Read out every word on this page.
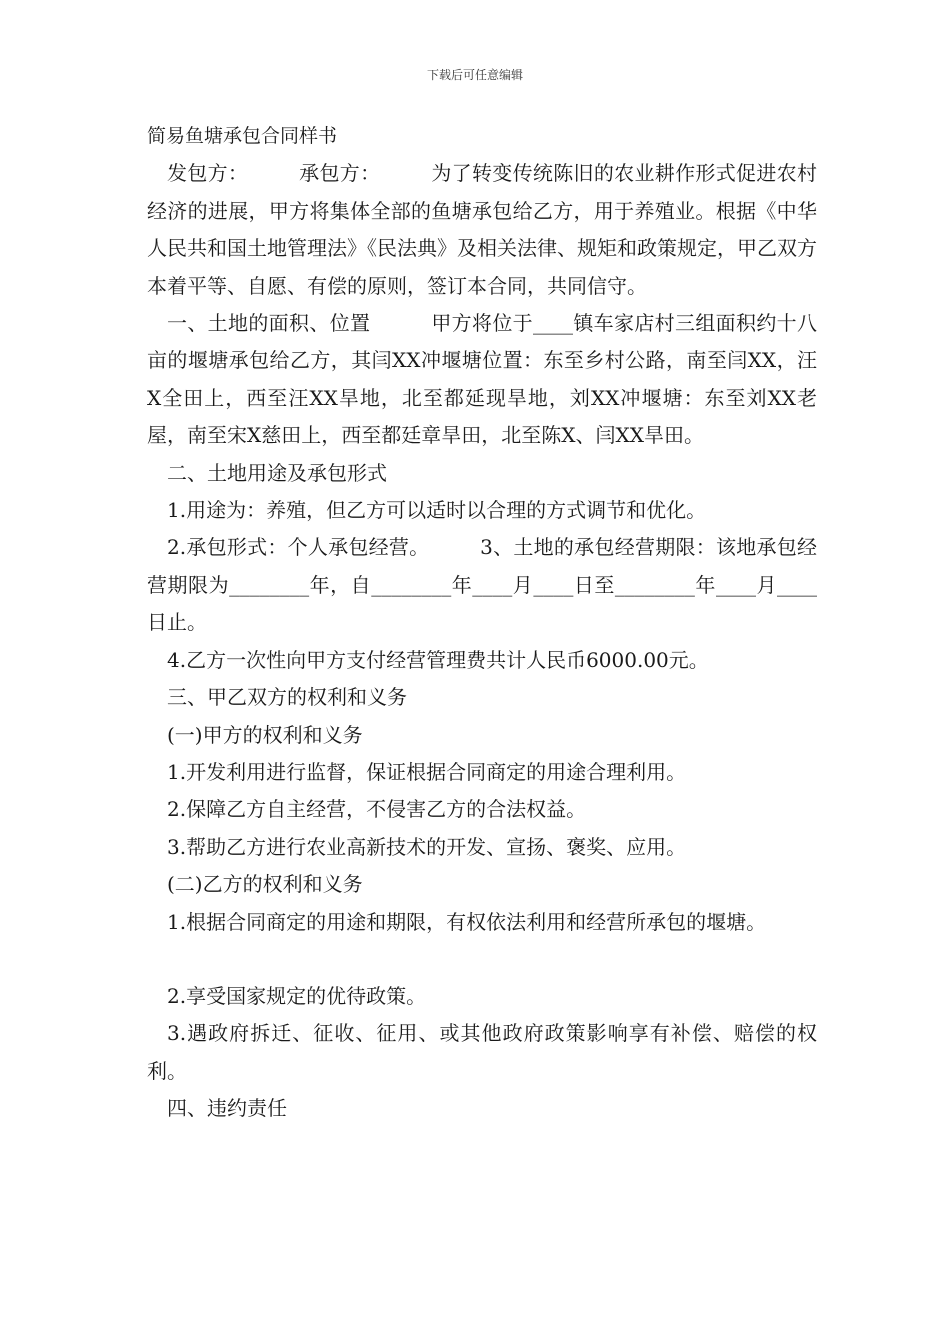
下载后可任意编辑

简易鱼塘承包合同样书

发包方：　　　承包方：　　　为了转变传统陈旧的农业耕作形式促进农村经济的进展，甲方将集体全部的鱼塘承包给乙方，用于养殖业。根据《中华人民共和国土地管理法》《民法典》及相关法律、规矩和政策规定，甲乙双方本着平等、自愿、有偿的原则，签订本合同，共同信守。

一、土地的面积、位置　　　甲方将位于____镇车家店村三组面积约十八亩的堰塘承包给乙方，其闫XX冲堰塘位置：东至乡村公路，南至闫XX，汪X全田上，西至汪XX旱地，北至都延现旱地，刘XX冲堰塘：东至刘XX老屋，南至宋X慈田上，西至都廷章旱田，北至陈X、闫XX旱田。

二、土地用途及承包形式

1.用途为：养殖，但乙方可以适时以合理的方式调节和优化。

2.承包形式：个人承包经营。　　　3、土地的承包经营期限：该地承包经营期限为________年，自________年____月____日至________年____月____日止。

4.乙方一次性向甲方支付经营管理费共计人民币6000.00元。

三、甲乙双方的权利和义务

(一)甲方的权利和义务

1.开发利用进行监督，保证根据合同商定的用途合理利用。

2.保障乙方自主经营，不侵害乙方的合法权益。

3.帮助乙方进行农业高新技术的开发、宣扬、褒奖、应用。

(二)乙方的权利和义务

1.根据合同商定的用途和期限，有权依法利用和经营所承包的堰塘。

2.享受国家规定的优待政策。

3.遇政府拆迁、征收、征用、或其他政府政策影响享有补偿、赔偿的权利。

四、违约责任
